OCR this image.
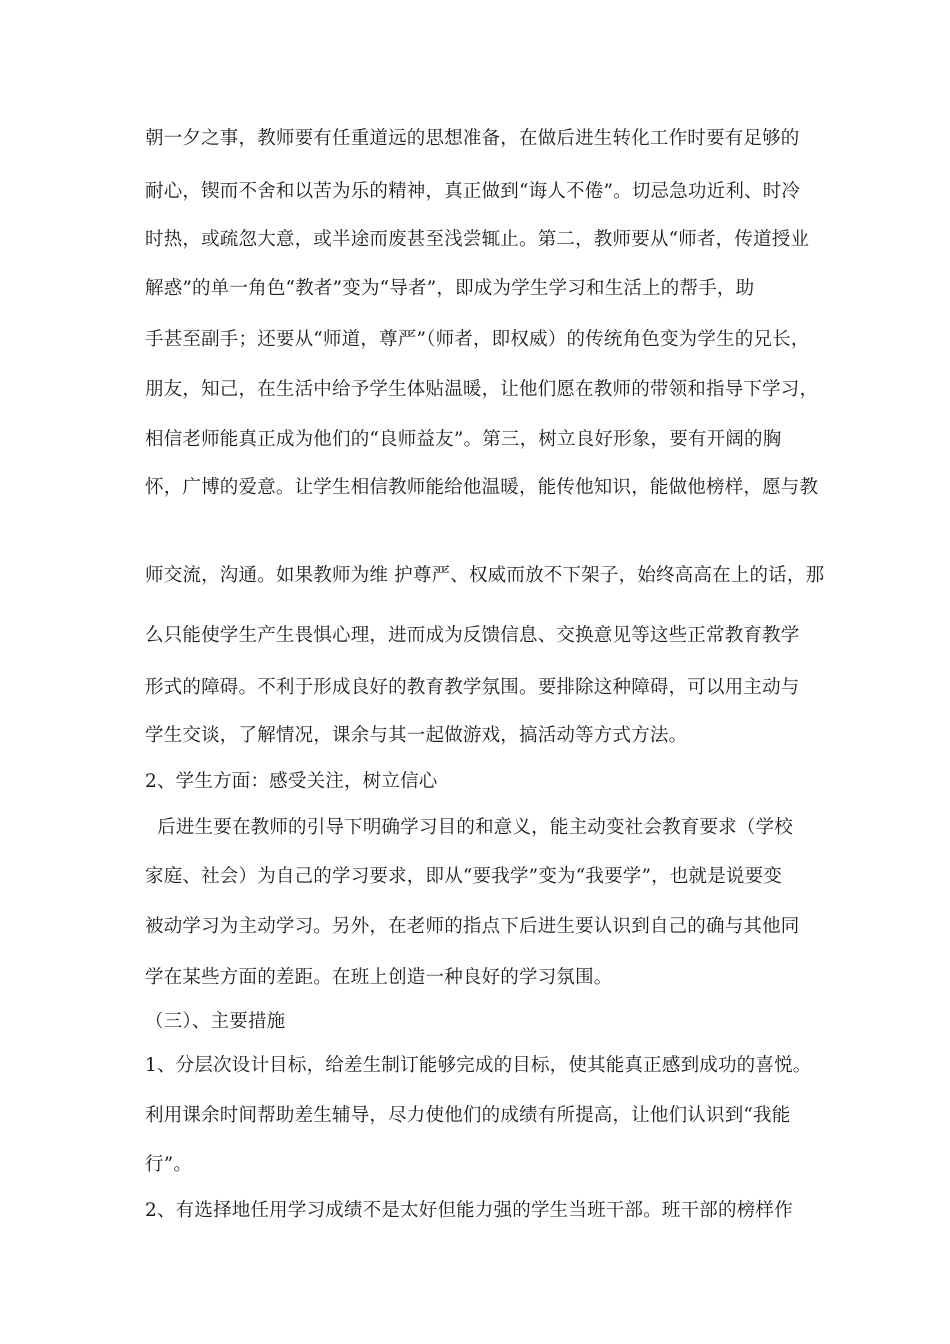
朝一夕之事，教师要有任重道远的思想准备，在做后进生转化工作时要有足够的
耐心，锲而不舍和以苦为乐的精神，真正做到“诲人不倦”。切忌急功近利、时冷
时热，或疏忽大意，或半途而废甚至浅尝辄止。第二，教师要从“师者，传道授业
解惑”的单一角色“教者”变为“导者”，即成为学生学习和生活上的帮手，助
手甚至副手；还要从“师道，尊严”（师者，即权威）的传统角色变为学生的兄长，
朋友，知己，在生活中给予学生体贴温暖，让他们愿在教师的带领和指导下学习，
相信老师能真正成为他们的“良师益友”。第三，树立良好形象，要有开阔的胸
怀，广博的爱意。让学生相信教师能给他温暖，能传他知识，能做他榜样，愿与教
师交流，沟通。如果教师为维 护尊严、权威而放不下架子，始终高高在上的话，那
么只能使学生产生畏惧心理，进而成为反馈信息、交换意见等这些正常教育教学
形式的障碍。不利于形成良好的教育教学氛围。要排除这种障碍，可以用主动与
学生交谈，了解情况，课余与其一起做游戏，搞活动等方式方法。
2、学生方面：感受关注，树立信心
后进生要在教师的引导下明确学习目的和意义，能主动变社会教育要求（学校
家庭、社会）为自己的学习要求，即从“要我学”变为“我要学”，也就是说要变
被动学习为主动学习。另外，在老师的指点下后进生要认识到自己的确与其他同
学在某些方面的差距。在班上创造一种良好的学习氛围。
（三）、主要措施
1、分层次设计目标，给差生制订能够完成的目标，使其能真正感到成功的喜悦。
利用课余时间帮助差生辅导，尽力使他们的成绩有所提高，让他们认识到“我能
行”。
2、有选择地任用学习成绩不是太好但能力强的学生当班干部。班干部的榜样作
